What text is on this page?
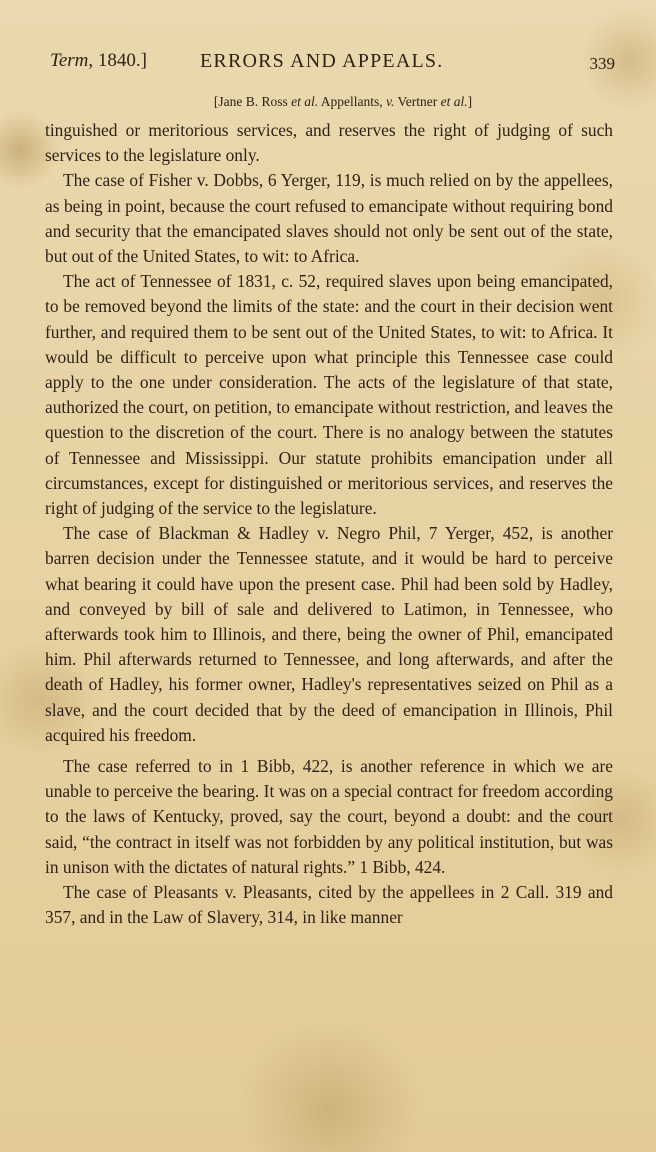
Term, 1840.]	ERRORS AND APPEALS.	339
[Jane B. Ross et al. Appellants, v. Vertner et al.]

tinguished or meritorious services, and reserves the right of judging of such services to the legislature only.

The case of Fisher v. Dobbs, 6 Yerger, 119, is much relied on by the appellees, as being in point, because the court refused to emancipate without requiring bond and security that the emancipated slaves should not only be sent out of the state, but out of the United States, to wit: to Africa.

The act of Tennessee of 1831, c. 52, required slaves upon being emancipated, to be removed beyond the limits of the state: and the court in their decision went further, and required them to be sent out of the United States, to wit: to Africa. It would be difficult to perceive upon what principle this Tennessee case could apply to the one under consideration. The acts of the legislature of that state, authorized the court, on petition, to emancipate without restriction, and leaves the question to the discretion of the court. There is no analogy between the statutes of Tennessee and Mississippi. Our statute prohibits emancipation under all circumstances, except for distinguished or meritorious services, and reserves the right of judging of the service to the legislature.

The case of Blackman & Hadley v. Negro Phil, 7 Yerger, 452, is another barren decision under the Tennessee statute, and it would be hard to perceive what bearing it could have upon the present case. Phil had been sold by Hadley, and conveyed by bill of sale and delivered to Latimon, in Tennessee, who afterwards took him to Illinois, and there, being the owner of Phil, emancipated him. Phil afterwards returned to Tennessee, and long afterwards, and after the death of Hadley, his former owner, Hadley's representatives seized on Phil as a slave, and the court decided that by the deed of emancipation in Illinois, Phil acquired his freedom.

The case referred to in 1 Bibb, 422, is another reference in which we are unable to perceive the bearing. It was on a special contract for freedom according to the laws of Kentucky, proved, say the court, beyond a doubt: and the court said, “the contract in itself was not forbidden by any political institution, but was in unison with the dictates of natural rights.” 1 Bibb, 424.

The case of Pleasants v. Pleasants, cited by the appellees in 2 Call. 319 and 357, and in the Law of Slavery, 314, in like manner
